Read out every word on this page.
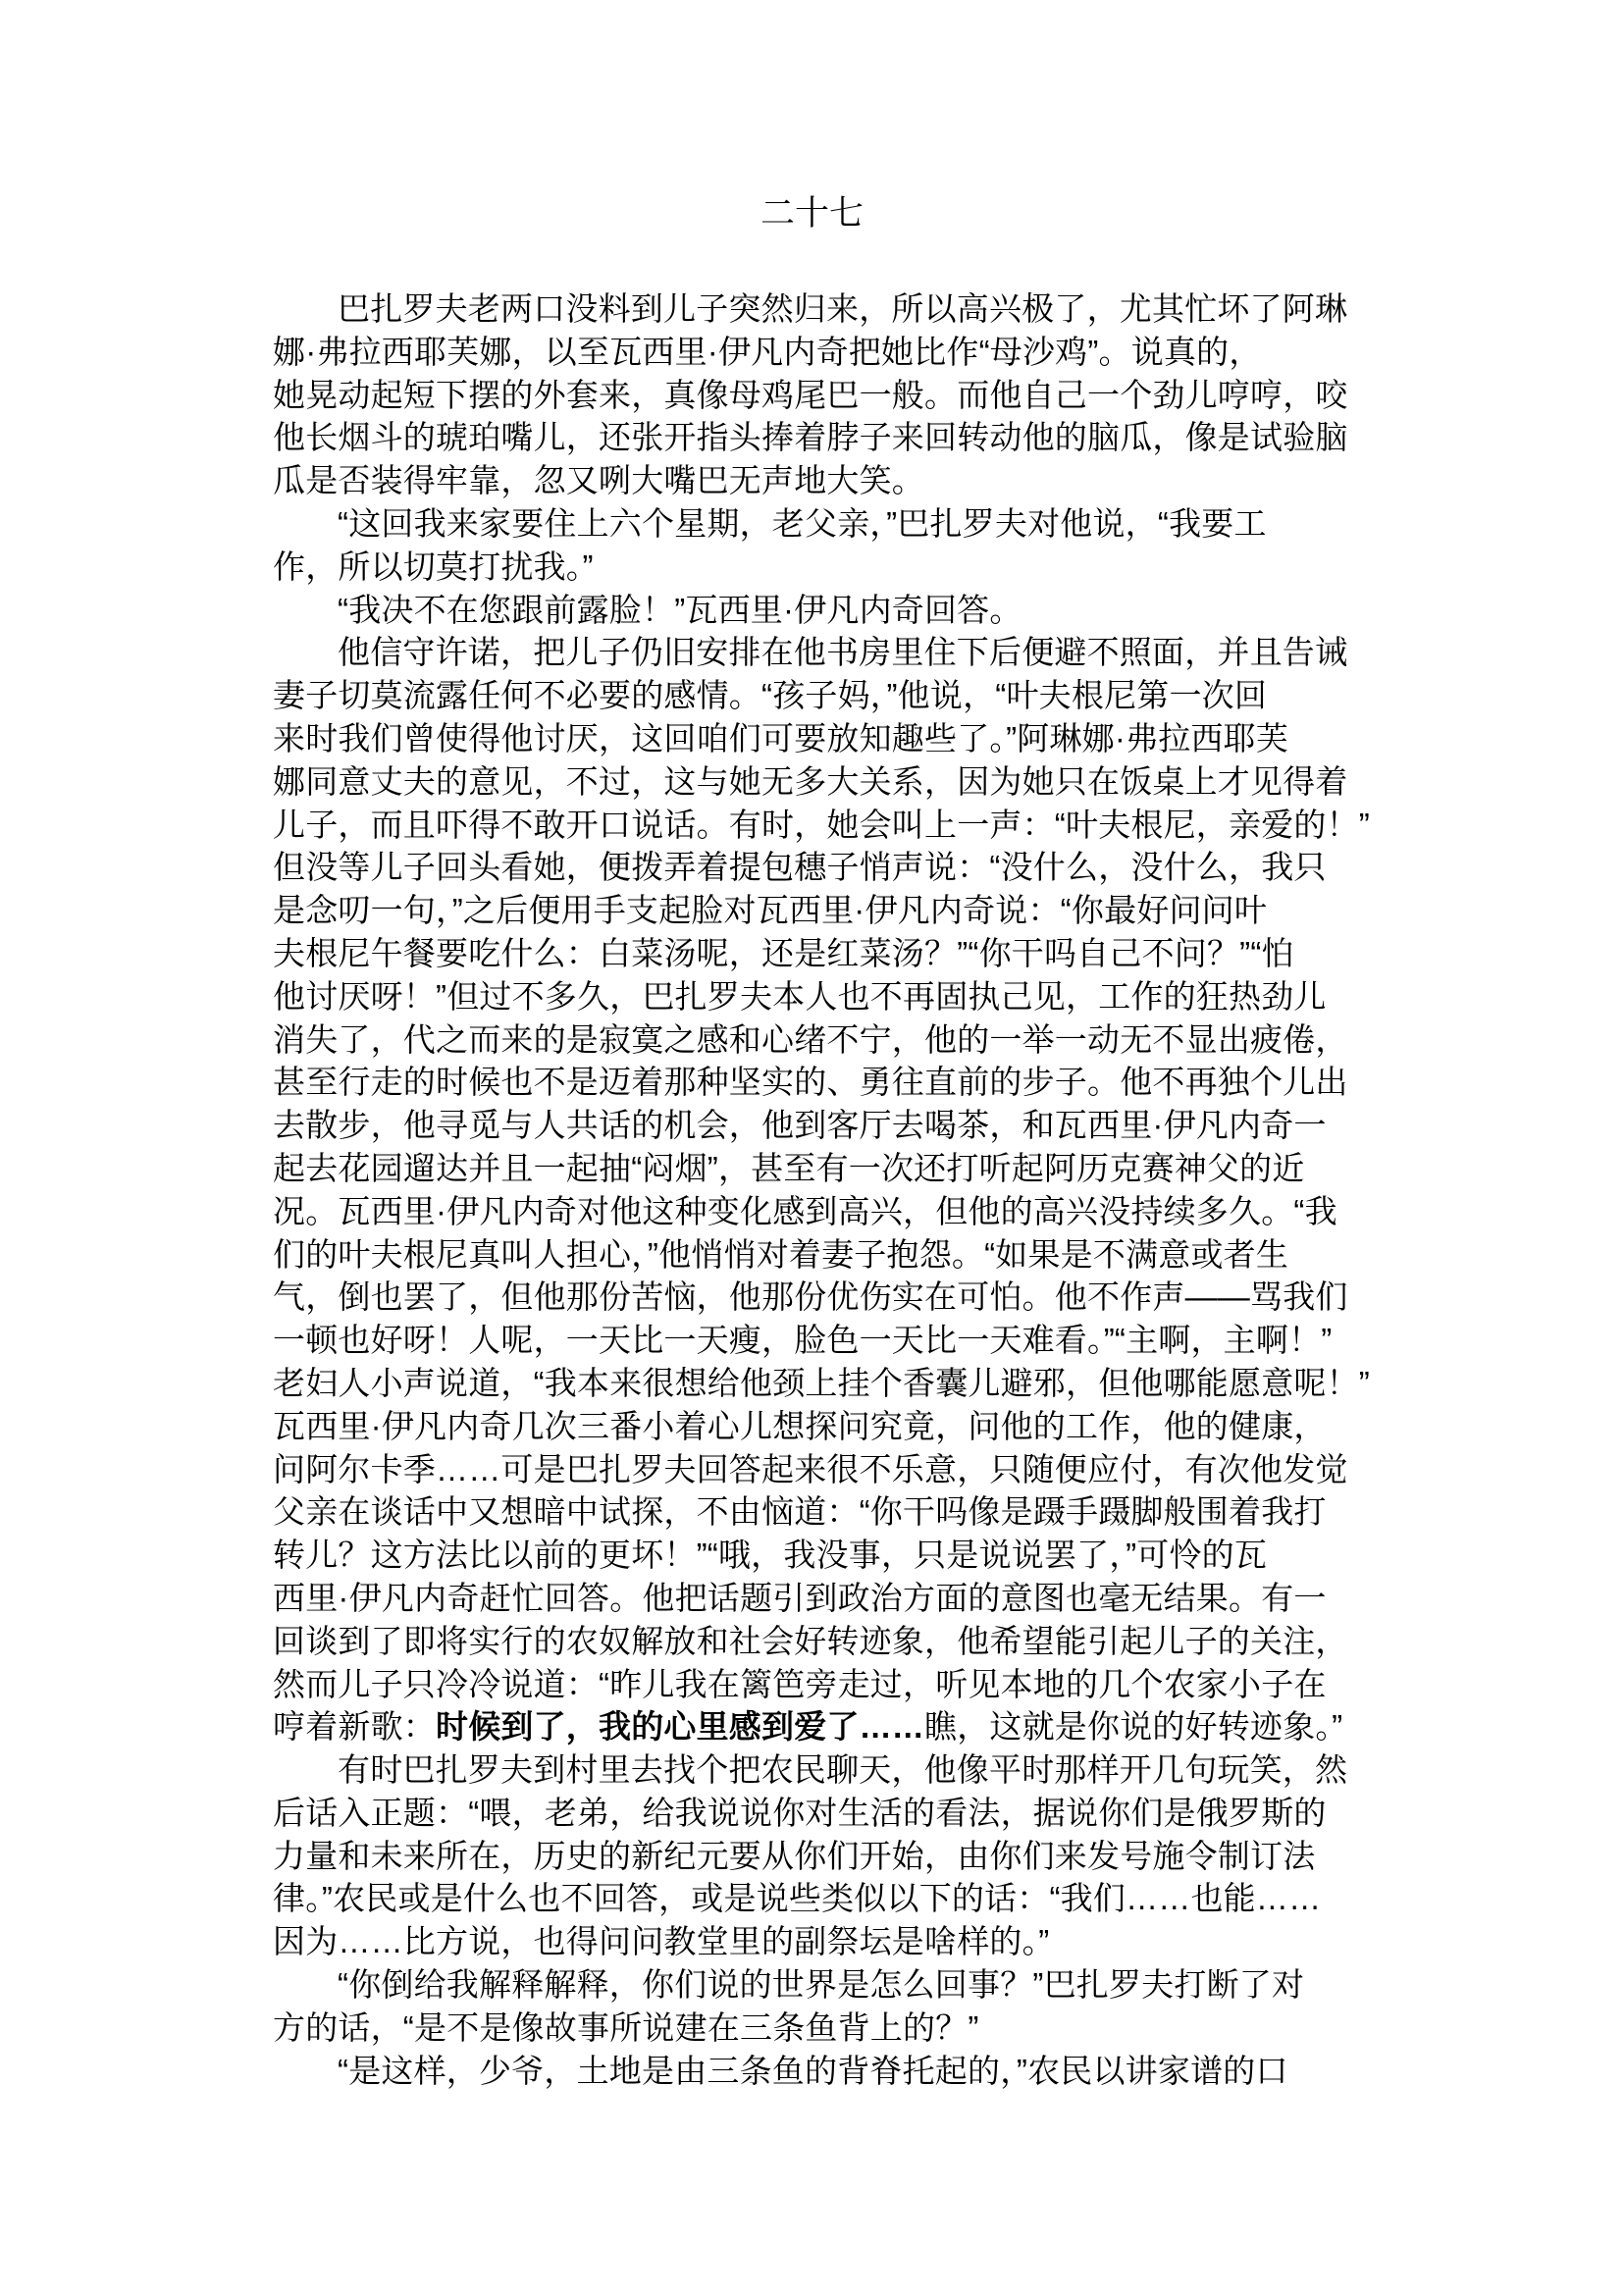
二十七
巴扎罗夫老两口没料到儿子突然归来，所以高兴极了，尤其忙坏了阿琳
娜·弗拉西耶芙娜，以至瓦西里·伊凡内奇把她比作“母沙鸡”。说真的，
她晃动起短下摆的外套来，真像母鸡尾巴一般。而他自己一个劲儿哼哼，咬
他长烟斗的琥珀嘴儿，还张开指头捧着脖子来回转动他的脑瓜，像是试验脑
瓜是否装得牢靠，忽又咧大嘴巴无声地大笑。
“这回我来家要住上六个星期，老父亲，”巴扎罗夫对他说，“我要工
作，所以切莫打扰我。”
“我决不在您跟前露脸！”瓦西里·伊凡内奇回答。
他信守许诺，把儿子仍旧安排在他书房里住下后便避不照面，并且告诫
妻子切莫流露任何不必要的感情。“孩子妈，”他说，“叶夫根尼第一次回
来时我们曾使得他讨厌，这回咱们可要放知趣些了。”阿琳娜·弗拉西耶芙
娜同意丈夫的意见，不过，这与她无多大关系，因为她只在饭桌上才见得着
儿子，而且吓得不敢开口说话。有时，她会叫上一声：“叶夫根尼，亲爱的！”
但没等儿子回头看她，便拨弄着提包穗子悄声说：“没什么，没什么，我只
是念叨一句，”之后便用手支起脸对瓦西里·伊凡内奇说：“你最好问问叶
夫根尼午餐要吃什么：白菜汤呢，还是红菜汤？”“你干吗自己不问？”“怕
他讨厌呀！”但过不多久，巴扎罗夫本人也不再固执己见，工作的狂热劲儿
消失了，代之而来的是寂寞之感和心绪不宁，他的一举一动无不显出疲倦，
甚至行走的时候也不是迈着那种坚实的、勇往直前的步子。他不再独个儿出
去散步，他寻觅与人共话的机会，他到客厅去喝茶，和瓦西里·伊凡内奇一
起去花园遛达并且一起抽“闷烟”，甚至有一次还打听起阿历克赛神父的近
况。瓦西里·伊凡内奇对他这种变化感到高兴，但他的高兴没持续多久。“我
们的叶夫根尼真叫人担心，”他悄悄对着妻子抱怨。“如果是不满意或者生
气，倒也罢了，但他那份苦恼，他那份优伤实在可怕。他不作声——骂我们
一顿也好呀！人呢，一天比一天瘦，脸色一天比一天难看。”“主啊，主啊！”
老妇人小声说道，“我本来很想给他颈上挂个香囊儿避邪，但他哪能愿意呢！”
瓦西里·伊凡内奇几次三番小着心儿想探问究竟，问他的工作，他的健康，
问阿尔卡季……可是巴扎罗夫回答起来很不乐意，只随便应付，有次他发觉
父亲在谈话中又想暗中试探，不由恼道：“你干吗像是蹑手蹑脚般围着我打
转儿？这方法比以前的更坏！”“哦，我没事，只是说说罢了，”可怜的瓦
西里·伊凡内奇赶忙回答。他把话题引到政治方面的意图也毫无结果。有一
回谈到了即将实行的农奴解放和社会好转迹象，他希望能引起儿子的关注，
然而儿子只冷冷说道：“昨儿我在篱笆旁走过，听见本地的几个农家小子在
哼着新歌：时候到了，我的心里感到爱了……瞧，这就是你说的好转迹象。”
有时巴扎罗夫到村里去找个把农民聊天，他像平时那样开几句玩笑，然
后话入正题：“喂，老弟，给我说说你对生活的看法，据说你们是俄罗斯的
力量和未来所在，历史的新纪元要从你们开始，由你们来发号施令制订法
律。”农民或是什么也不回答，或是说些类似以下的话：“我们……也能……
因为……比方说，也得问问教堂里的副祭坛是啥样的。”
“你倒给我解释解释，你们说的世界是怎么回事？”巴扎罗夫打断了对
方的话，“是不是像故事所说建在三条鱼背上的？”
“是这样，少爷，土地是由三条鱼的背脊托起的，”农民以讲家谱的口
